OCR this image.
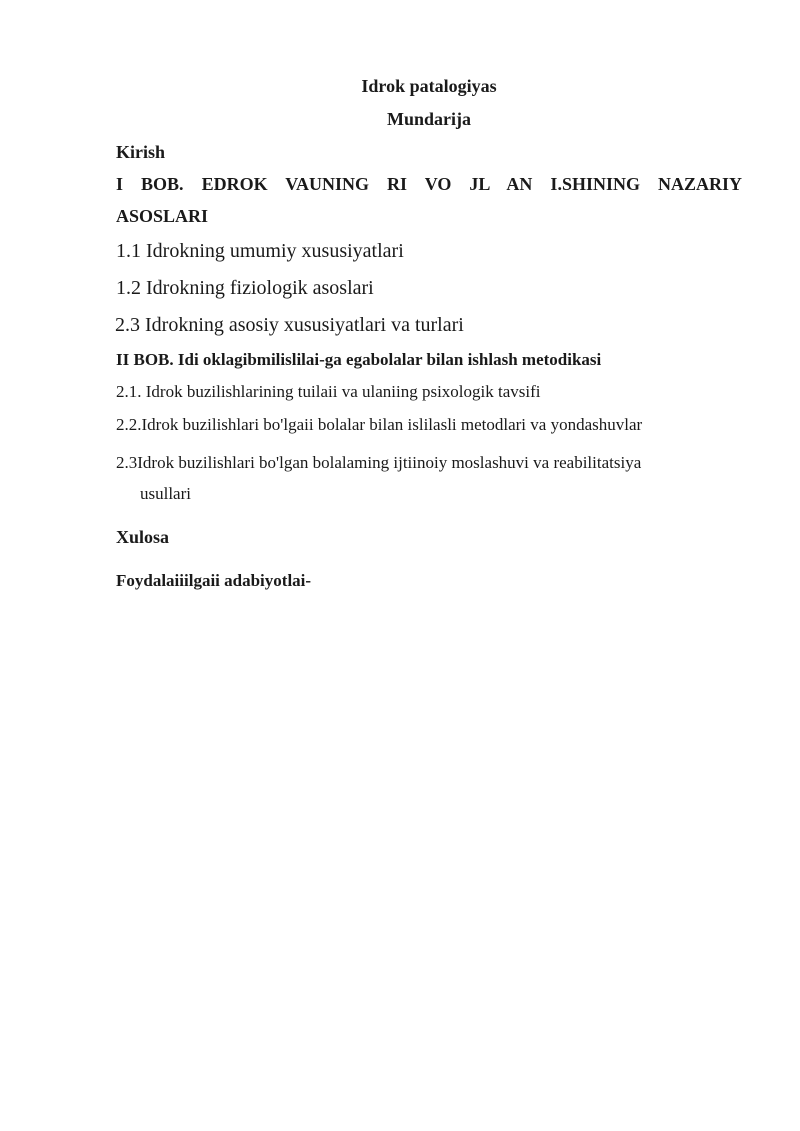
Idrok patalogiyas
Mundarija
Kirish
I BOB. EDROK VAUNING RI VO JL AN I.SHINING NAZARIY
ASOSLARI
1.1 Idrokning umumiy xususiyatlari
1.2 Idrokning fiziologik asoslari
2.3 Idrokning asosiy xususiyatlari va turlari
II BOB. Idi oklagibmilislilai-ga egabolalar bilan ishlash metodikasi
2.1. Idrok buzilishlarining tuilaii va ulaniing psixologik tavsifi
2.2.Idrok buzilishlari bo'lgaii bolalar bilan islilasli metodlari va yondashuvlar
2.3Idrok buzilishlari bo'lgan bolalaming ijtiinoiy moslashuvi va reabilitatsiya
usullari
Xulosa
Foydalaiiilgaii adabiyotlai-
